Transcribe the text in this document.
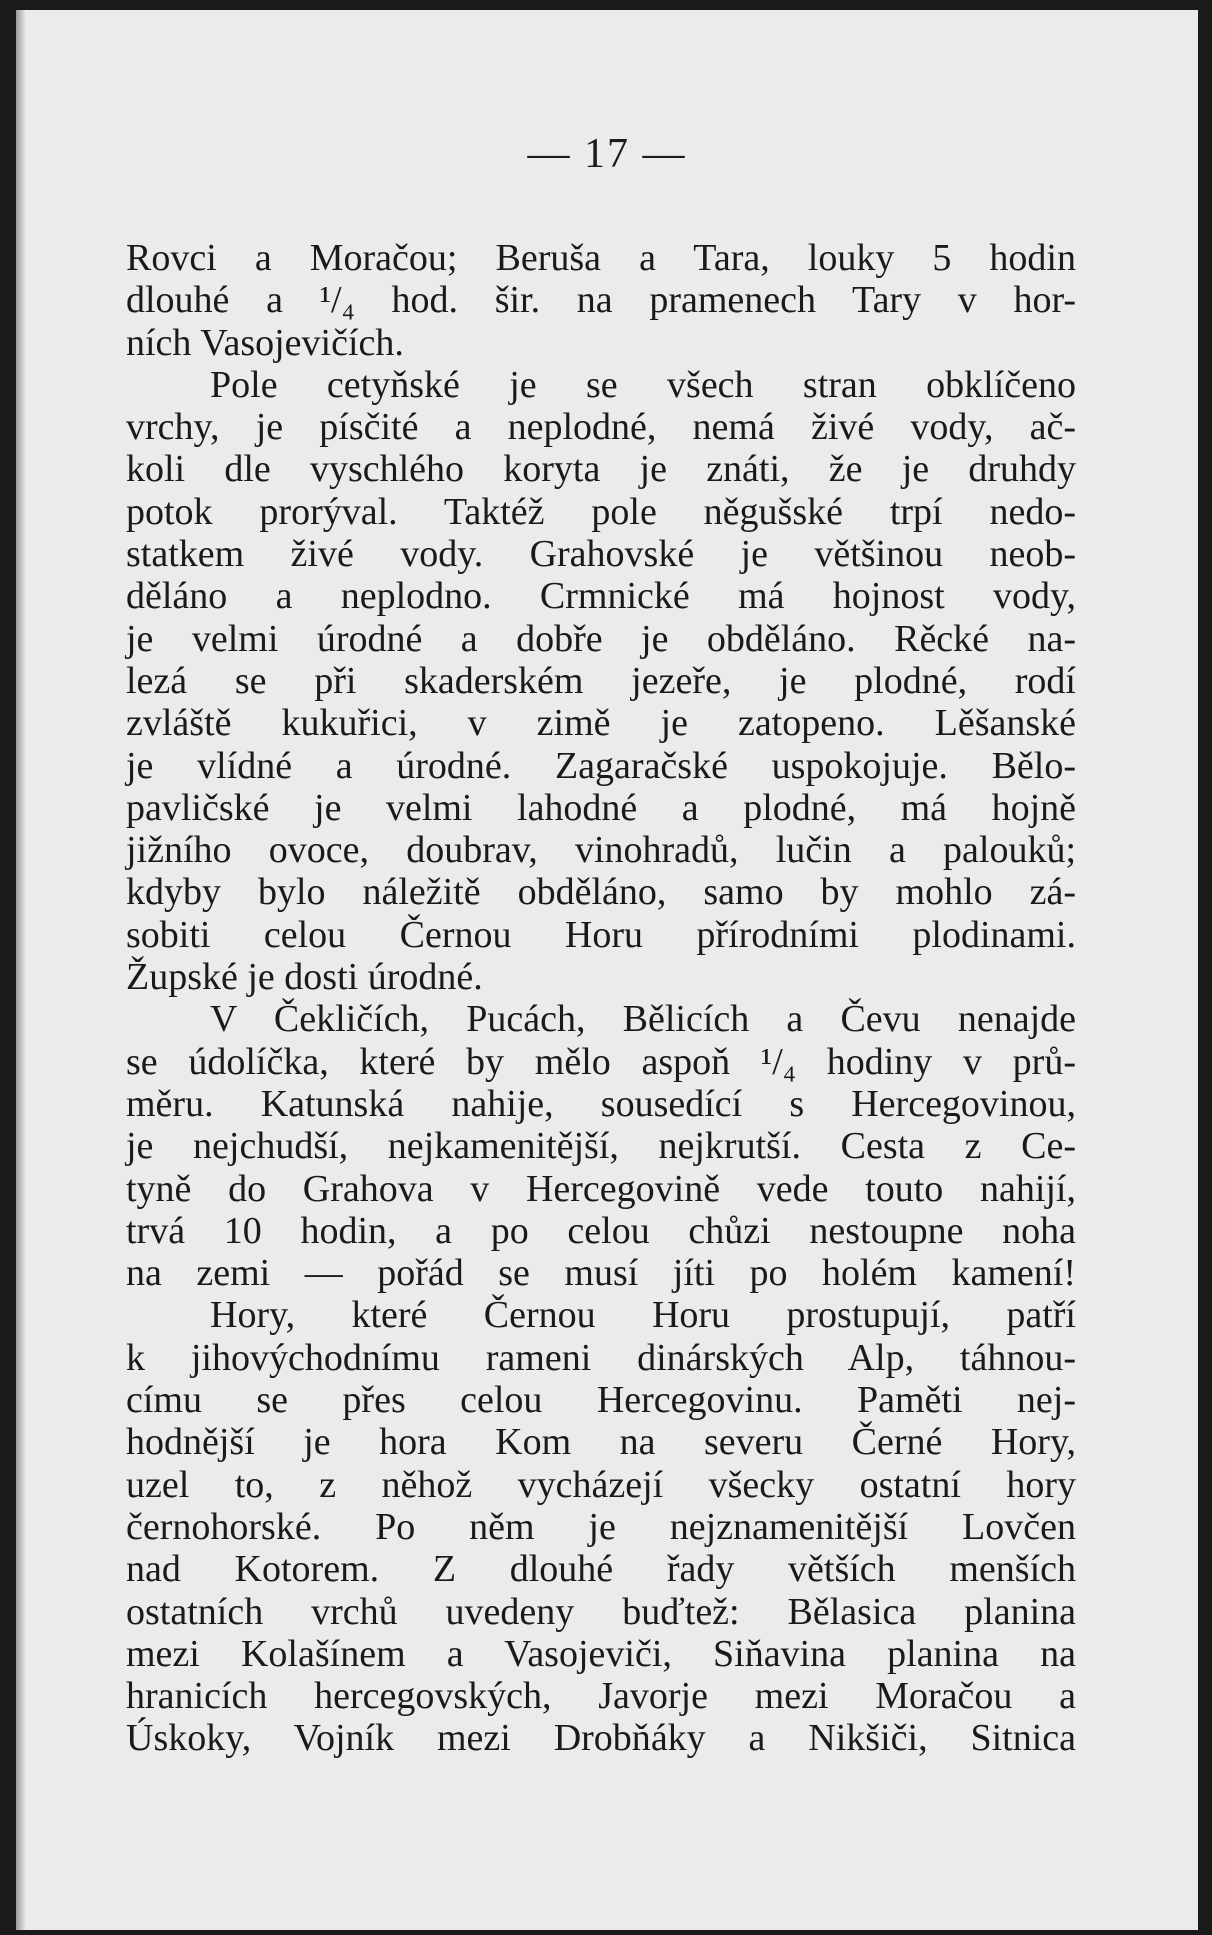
— 17 —
Rovci a Moračou; Beruša a Tara, louky 5 hodin
dlouhé a ¹/₄ hod. šir. na pramenech Tary v hor-
ních Vasojevičích.
Pole cetyňské je se všech stran obklíčeno
vrchy, je písčité a neplodné, nemá živé vody, ač-
koli dle vyschlého koryta je znáti, že je druhdy
potok prorýval. Taktéž pole něgušské trpí nedo-
statkem živé vody. Grahovské je většinou neob-
děláno a neplodno. Crmnické má hojnost vody,
je velmi úrodné a dobře je obděláno. Rěcké na-
lezá se při skaderském jezeře, je plodné, rodí
zvláště kukuřici, v zimě je zatopeno. Lěšanské
je vlídné a úrodné. Zagaračské uspokojuje. Bělo-
pavličské je velmi lahodné a plodné, má hojně
jižního ovoce, doubrav, vinohradů, lučin a palouků;
kdyby bylo náležitě obděláno, samo by mohlo zá-
sobiti celou Černou Horu přírodními plodinami.
Župské je dosti úrodné.
V Čekličích, Pucách, Bělicích a Čevu nenajde
se údolíčka, které by mělo aspoň ¹/₄ hodiny v prů-
měru. Katunská nahije, sousedící s Hercegovinou,
je nejchudší, nejkamenitější, nejkrutší. Cesta z Ce-
tyně do Grahova v Hercegovině vede touto nahijí,
trvá 10 hodin, a po celou chůzi nestoupne noha
na zemi — pořád se musí jíti po holém kamení!
Hory, které Černou Horu prostupují, patří
k jihovýchodnímu rameni dinárských Alp, táhnou-
címu se přes celou Hercegovinu. Paměti nej-
hodnější je hora Kom na severu Černé Hory,
uzel to, z něhož vycházejí všecky ostatní hory
černohorské. Po něm je nejznamenitější Lovčen
nad Kotorem. Z dlouhé řady větších menších
ostatních vrchů uvedeny buďtež: Bělasica planina
mezi Kolašínem a Vasojeviči, Siňavina planina na
hranicích hercegovských, Javorje mezi Moračou a
Úskoky, Vojník mezi Drobňáky a Nikšiči, Sitnica
